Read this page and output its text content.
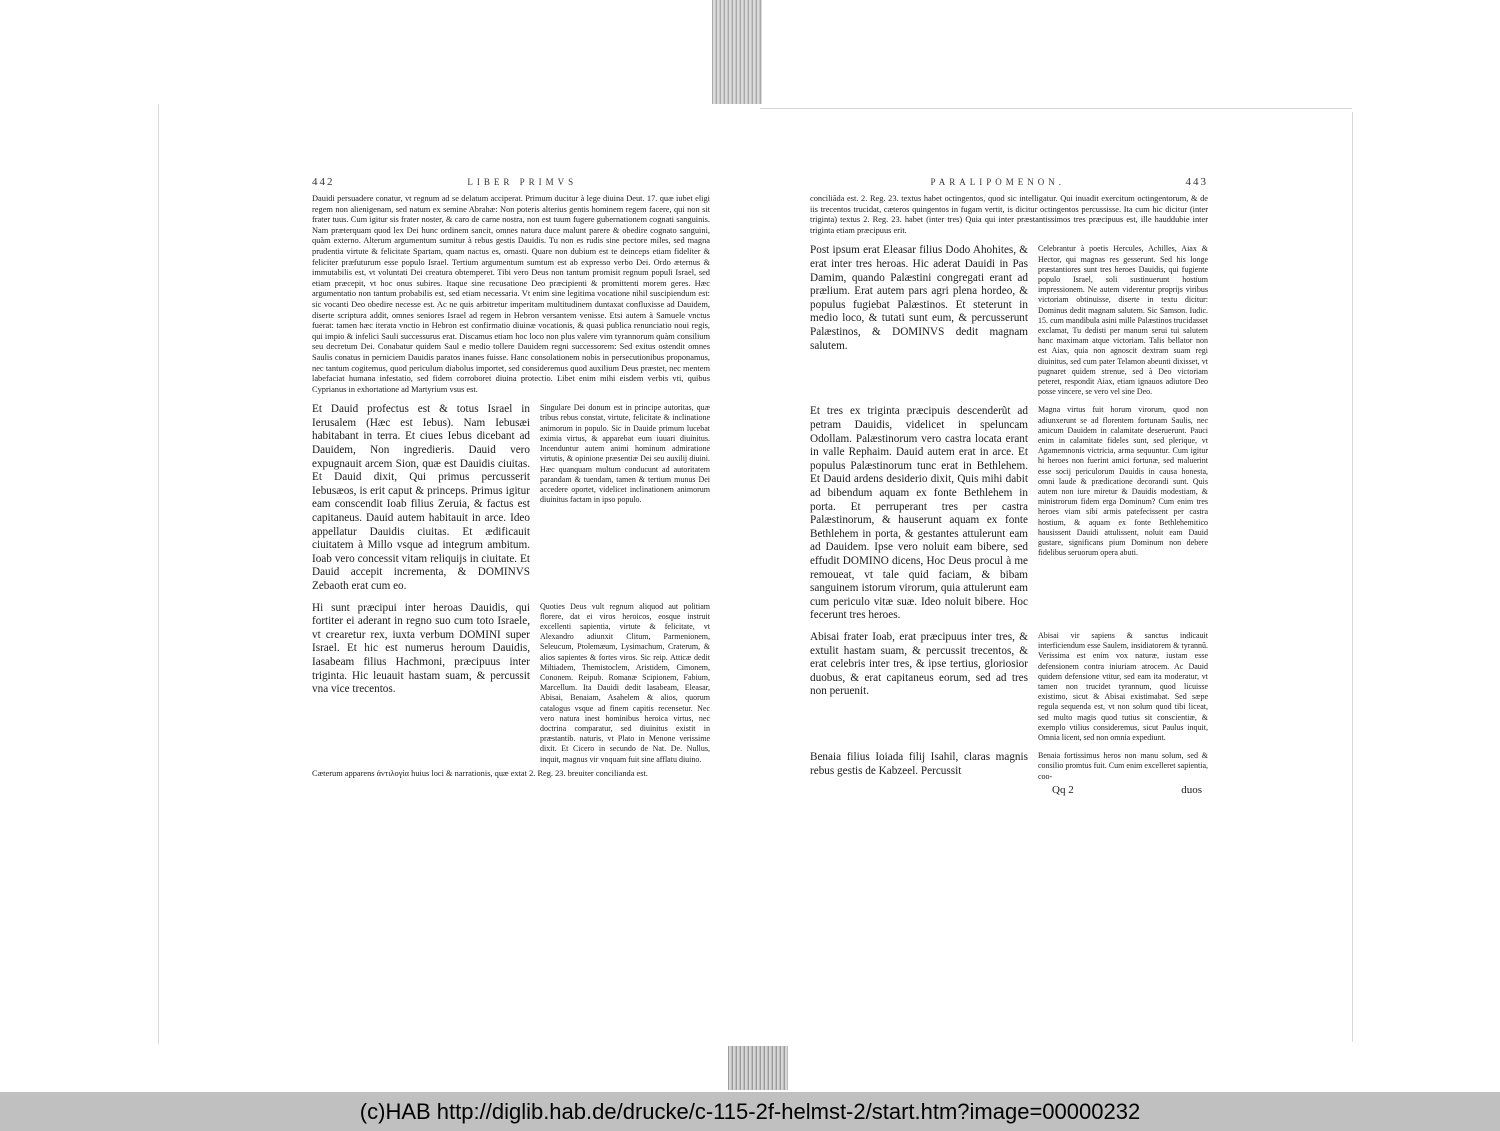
442	LIBER PRIMVS

Dauidi persuadere conatur, vt regnum ad se delatum acciperat. Primum ducitur à lege diuina Deut. 17. quæ iubet eligi regem non alienigenam, sed natum ex semine Abrahæ: Non poteris alterius gentis hominem regem facere, qui non sit frater tuus. Cum igitur sis frater noster, & caro de carne nostra, non est tuum fugere gubernationem cognati sanguinis. Nam præterquam quod lex Dei hunc ordinem sancit, omnes natura duce malunt parere & obedire cognato sanguini, quàm externo. Alterum argumentum sumitur à rebus gestis Dauidis. Tu non es rudis sine pectore miles, sed magna prudentia virtute & felicitate Spartam, quam nactus es, ornasti. Quare non dubium est te deinceps etiam fideliter & feliciter præfuturum esse populo Israel. Tertium argumentum sumtum est ab expresso verbo Dei. Ordo æternus & immutabilis est, vt voluntati Dei creatura obtemperet. Tibi vero Deus non tantum promisit regnum populi Israel, sed etiam præcepit, vt hoc onus subires. Itaque sine recusatione Deo præcipienti & promittenti morem geres. Hæc argumentatio non tantum probabilis est, sed etiam necessaria. Vt enim sine legitima vocatione nihil suscipiendum est: sic vocanti Deo obedire necesse est. Ac ne quis arbitretur imperitam multitudinem duntaxat confluxisse ad Dauidem, diserte scriptura addit, omnes seniores Israel ad regem in Hebron versantem venisse. Etsi autem à Samuele vnctus fuerat: tamen hæc iterata vnctio in Hebron est confirmatio diuinæ vocationis, & quasi publica renunciatio noui regis, qui impio & infelici Sauli successurus erat. Discamus etiam hoc loco non plus valere vim tyrannorum quàm consilium seu decretum Dei. Conabatur quidem Saul e medio tollere Dauidem regni successorem: Sed exitus ostendit omnes Saulis conatus in perniciem Dauidis paratos inanes fuisse. Hanc consolationem nobis in persecutionibus proponamus, nec tantum cogitemus, quod periculum diabolus importet, sed consideremus quod auxilium Deus præstet, nec mentem labefaciat humana infestatio, sed fidem corroboret diuina protectio. Libet enim mihi eisdem verbis vti, quibus Cyprianus in exhortatione ad Martyrium vsus est.

Et Dauid profectus est & totus Israel in Ierusalem (Hæc est Iebus). Nam Iebusæi habitabant in terra. Et ciues Iebus dicebant ad Dauidem, Non ingredieris. Dauid vero expugnauit arcem Sion, quæ est Dauidis ciuitas. Et Dauid dixit, Qui primus percusserit Iebusæos, is erit caput & princeps. Primus igitur eam conscendit Ioab filius Zeruia, & factus est capitaneus. Dauid autem habitauit in arce. Ideo appellatur Dauidis ciuitas. Et ædificauit ciuitatem à Millo vsque ad integrum ambitum. Ioab vero concessit vitam reliquijs in ciuitate. Et Dauid accepit incrementa, & DOMINVS Zebaoth erat cum eo.

Singulare Dei donum est in principe autoritas, quæ tribus rebus constat, virtute, felicitate & inclinatione animorum in populo. Sic in Dauide primum lucebat eximia virtus, & apparebat eum iuuari diuinitus. Incenduntur autem animi hominum admiratione virtutis, & opinione præsentiæ Dei seu auxilij diuini. Hæc quanquam multum conducunt ad autoritatem parandam & tuendam, tamen & tertium munus Dei accedere oportet, videlicet inclinationem animorum diuinitus factam in ipso populo.

Hi sunt præcipui inter heroas Dauidis, qui fortiter ei aderant in regno suo cum toto Israele, vt crearetur rex, iuxta verbum DOMINI super Israel. Et hic est numerus heroum Dauidis, Iasabeam filius Hachmoni, præcipuus inter triginta. Hic leuauit hastam suam, & percussit vna vice trecentos.

Quoties Deus vult regnum aliquod aut politiam florere, dat ei viros heroicos, eosque instruit excellenti sapientia, virtute & felicitate, vt Alexandro adiunxit Clitum, Parmenionem, Seleucum, Ptolemæum, Lysimachum, Craterum, & alios sapientes & fortes viros. Sic reip. Atticæ dedit Miltiadem, Themistoclem, Aristidem, Cimonem, Cononem. Reipub. Romanæ Scipionem, Fabium, Marcellum. Ita Dauidi dedit Iasabeam, Eleasar, Abisai, Benaiam, Asahelem & alios, quorum catalogus vsque ad finem capitis recensetur. Nec vero natura inest hominibus heroica virtus, nec doctrina comparatur, sed diuinitus existit in præstantib. naturis, vt Plato in Menone verissime dixit. Et Cicero in secundo de Nat. De. Nullus, inquit, magnus vir vnquam fuit sine afflatu diuino.

Cæterum apparens ἀντιλογία huius loci & narrationis, quæ extat 2. Reg. 23. breuiter concilianda est.

PARALIPOMENON.	443

conciliãda est. 2. Reg. 23. textus habet octingentos, quod sic intelligatur. Qui inuadit exercitum octingentorum, & de iis trecentos trucidat, cæteros quingentos in fugam vertit, is dicitur octingentos percussisse. Ita cum hic dicitur (inter triginta) textus 2. Reg. 23. habet (inter tres) Quia qui inter præstantissimos tres præcipuus est, ille hauddubie inter triginta etiam præcipuus erit.

Post ipsum erat Eleasar filius Dodo Ahohites, & erat inter tres heroas. Hic aderat Dauidi in Pas Damim, quando Palæstini congregati erant ad prælium. Erat autem pars agri plena hordeo, & populus fugiebat Palæstinos. Et steterunt in medio loco, & tutati sunt eum, & percusserunt Palæstinos, & DOMINVS dedit magnam salutem.

Celebrantur à poetis Hercules, Achilles, Aiax & Hector, qui magnas res gesserunt. Sed his longe præstantiores sunt tres heroes Dauidis, qui fugiente populo Israel, soli sustinuerunt hostium impressionem. Ne autem viderentur proprijs viribus victoriam obtinuisse, diserte in textu dicitur: Dominus dedit magnam salutem. Sic Samson. Iudic. 15. cum mandibula asini mille Palæstinos trucidasset exclamat, Tu dedisti per manum serui tui salutem hanc maximam atque victoriam. Talis bellator non est Aiax, quia non agnoscit dextram suam regi diuinitus, sed cum pater Telamon abeunti dixisset, vt pugnaret quidem strenue, sed à Deo victoriam peteret, respondit Aiax, etiam ignauos adiutore Deo posse vincere, se vero vel sine Deo.

Et tres ex triginta præcipuis descenderũt ad petram Dauidis, videlicet in speluncam Odollam. Palæstinorum vero castra locata erant in valle Rephaim. Dauid autem erat in arce. Et populus Palæstinorum tunc erat in Bethlehem. Et Dauid ardens desiderio dixit, Quis mihi dabit ad bibendum aquam ex fonte Bethlehem in porta. Et perruperant tres per castra Palæstinorum, & hauserunt aquam ex fonte Bethlehem in porta, & gestantes attulerunt eam ad Dauidem. Ipse vero noluit eam bibere, sed effudit DOMINO dicens, Hoc Deus procul à me remoueat, vt tale quid faciam, & bibam sanguinem istorum virorum, quia attulerunt eam cum periculo vitæ suæ. Ideo noluit bibere. Hoc fecerunt tres heroes.

Magna virtus fuit horum virorum, quod non adiunxerunt se ad florentem fortunam Saulis, nec amicum Dauidem in calamitate deseruerunt. Pauci enim in calamitate fideles sunt, sed plerique, vt Agamemnonis victricia, arma sequuntur. Cum igitur hi heroes non fuerint amici fortunæ, sed maluerint esse socij periculorum Dauidis in causa honesta, omni laude & prædicatione decorandi sunt. Quis autem non iure miretur & Dauidis modestiam, & ministrorum fidem erga Dominum? Cum enim tres heroes viam sibi armis patefecissent per castra hostium, & aquam ex fonte Bethlehemitico hausissent Dauidi attulissent, noluit eam Dauid gustare, significans pium Dominum non debere fidelibus seruorum opera abuti.

Abisai frater Ioab, erat præcipuus inter tres, & extulit hastam suam, & percussit trecentos, & erat celebris inter tres, & ipse tertius, gloriosior duobus, & erat capitaneus eorum, sed ad tres non peruenit.

Abisai vir sapiens & sanctus indicauit interficiendum esse Saulem, insidiatorem & tyrannũ. Verissima est enim vox naturæ, iustam esse defensionem contra iniuriam atrocem. Ac Dauid quidem defensione vtitur, sed eam ita moderatur, vt tamen non trucidet tyrannum, quod licuisse existimo, sicut & Abisai existimabat. Sed sæpe regula sequenda est, vt non solum quod tibi liceat, sed multo magis quod tutius sit conscientiæ, & exemplo vtilius consideremus, sicut Paulus inquit, Omnia licent, sed non omnia expediunt.

Benaia filius Ioiada filij Isahil, claras magnis rebus gestis de Kabzeel. Percussit

Benaia fortissimus heros non manu solum, sed & consilio promtus fuit. Cum enim excelleret sapientia, coo-

Qq 2	duos
(c)HAB http://diglib.hab.de/drucke/c-115-2f-helmst-2/start.htm?image=00000232
